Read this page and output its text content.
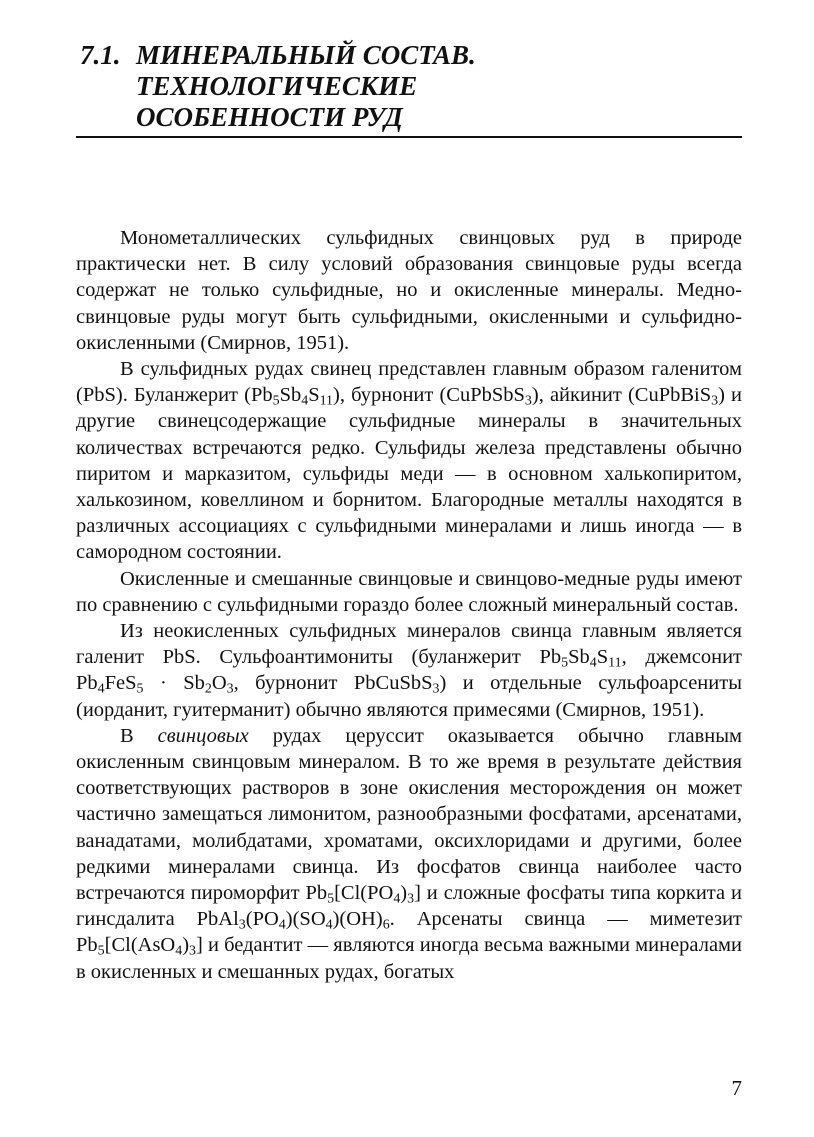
7.1. МИНЕРАЛЬНЫЙ СОСТАВ.
ТЕХНОЛОГИЧЕСКИЕ
ОСОБЕННОСТИ РУД

Монометаллических сульфидных свинцовых руд в природе практически нет. В силу условий образования свинцовые руды всегда содержат не только сульфидные, но и окисленные минералы. Медно-свинцовые руды могут быть сульфидными, окисленными и сульфидно-окисленными (Смирнов, 1951).

В сульфидных рудах свинец представлен главным образом галенитом (PbS). Буланжерит $(Pb_5Sb_4S_{11})$, бурнонит (CuPbSbS$_3$), айкинит (CuPbBiS$_3$) и другие свинецсодержащие сульфидные минералы в значительных количествах встречаются редко. Сульфиды железа представлены обычно пиритом и марказитом, сульфиды меди — в основном халькопиритом, халькозином, ковеллином и борнитом. Благородные металлы находятся в различных ассоциациях с сульфидными минералами и лишь иногда — в самородном состоянии.

Окисленные и смешанные свинцовые и свинцово-медные руды имеют по сравнению с сульфидными гораздо более сложный минеральный состав.

Из неокисленных сульфидных минералов свинца главным является галенит PbS. Сульфоантимониты (буланжерит $Pb_5Sb_4S_{11}$, джемсонит $Pb_4FeS_5 \cdot Sb_2O_3$, бурнонит PbCuSbS$_3$) и отдельные сульфоарсениты (иорданит, гуитерманит) обычно являются примесями (Смирнов, 1951).

В свинцовых рудах церуссит оказывается обычно главным окисленным свинцовым минералом. В то же время в результате действия соответствующих растворов в зоне окисления месторождения он может частично замещаться лимонитом, разнообразными фосфатами, арсенатами, ванадатами, молибдатами, хроматами, оксихлоридами и другими, более редкими минералами свинца. Из фосфатов свинца наиболее часто встречаются пироморфит $Pb_5[Cl(PO_4)_3]$ и сложные фосфаты типа коркита и гинсдалита $PbAl_3(PO_4)(SO_4)(OH)_6$. Арсенаты свинца — миметезит $Pb_5[Cl(AsO_4)_3]$ и бедантит — являются иногда весьма важными минералами в окисленных и смешанных рудах, богатых

7
